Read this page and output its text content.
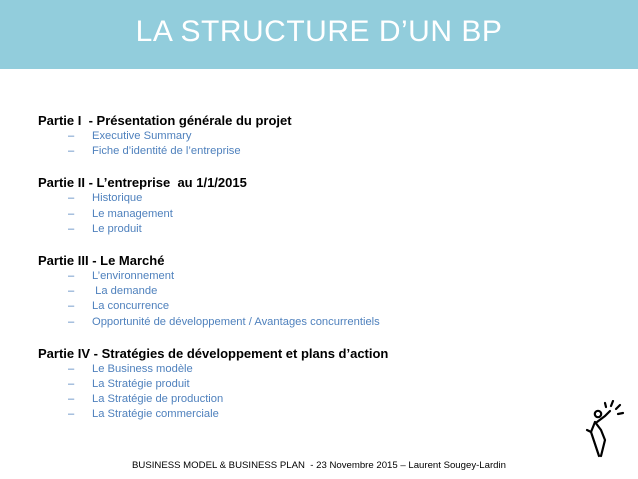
LA STRUCTURE D’UN BP

Partie I  - Présentation générale du projet

–	Executive Summary
–	Fiche d’identité de l’entreprise

Partie II - L’entreprise  au 1/1/2015

–	Historique
–	Le management
–	Le produit

Partie III - Le Marché

–	L’environnement
–	La demande
–	La concurrence
–	Opportunité de développement / Avantages concurrentiels

Partie IV - Stratégies de développement et plans d’action

–	Le Business modèle
–	La Stratégie produit
–	La Stratégie de production
–	La Stratégie commerciale
BUSINESS MODEL & BUSINESS PLAN  - 23 Novembre 2015 – Laurent Sougey-Lardin
